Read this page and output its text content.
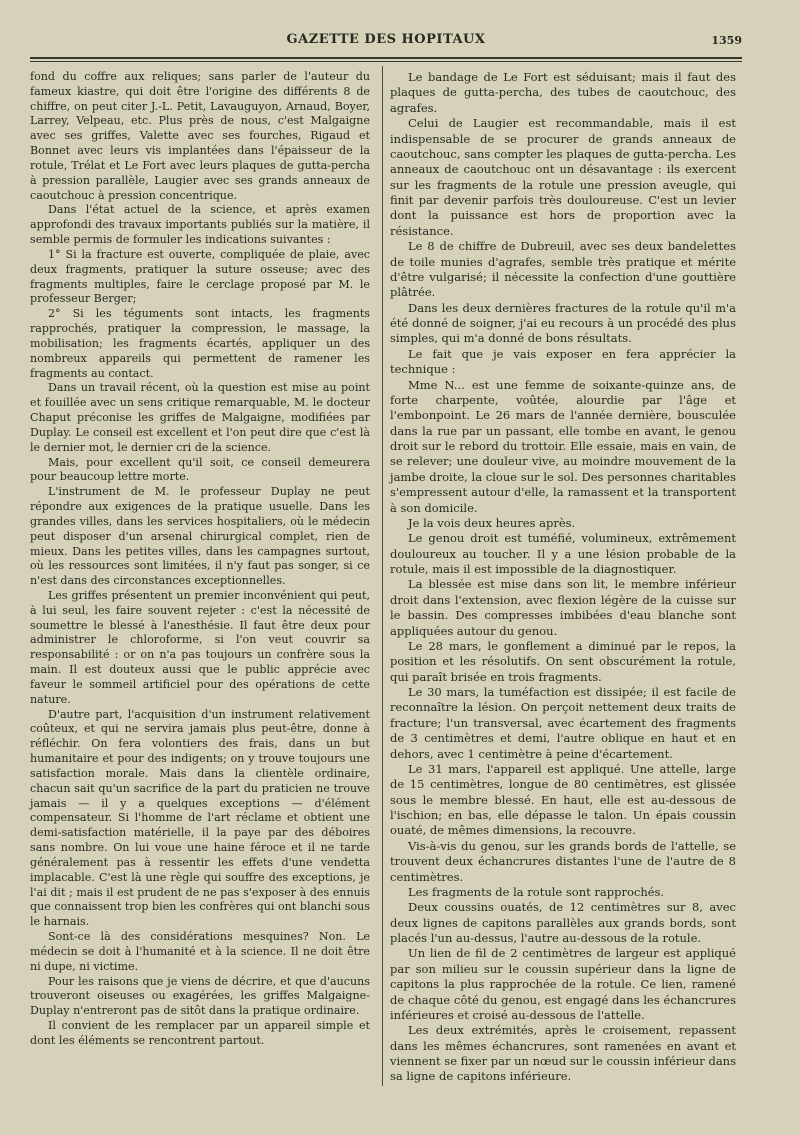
GAZETTE DES HOPITAUX	1359

fond du coffre aux reliques; sans parler de l'auteur du fameux kiastre, qui doit être l'origine des différents 8 de chiffre, on peut citer J.-L. Petit, Lavauguyon, Arnaud, Boyer, Larrey, Velpeau, etc. Plus près de nous, c'est Malgaigne avec ses griffes, Valette avec ses fourches, Rigaud et Bonnet avec leurs vis implantées dans l'épaisseur de la rotule, Trélat et Le Fort avec leurs plaques de gutta-percha à pression parallèle, Laugier avec ses grands anneaux de caoutchouc à pression concentrique.

Dans l'état actuel de la science, et après examen approfondi des travaux importants publiés sur la matière, il semble permis de formuler les indications suivantes :

1° Si la fracture est ouverte, compliquée de plaie, avec deux fragments, pratiquer la suture osseuse; avec des fragments multiples, faire le cerclage proposé par M. le professeur Berger;

2° Si les téguments sont intacts, les fragments rapprochés, pratiquer la compression, le massage, la mobilisation; les fragments écartés, appliquer un des nombreux appareils qui permettent de ramener les fragments au contact.

Dans un travail récent, où la question est mise au point et fouillée avec un sens critique remarquable, M. le docteur Chaput préconise les griffes de Malgaigne, modifiées par Duplay. Le conseil est excellent et l'on peut dire que c'est là le dernier mot, le dernier cri de la science.

Mais, pour excellent qu'il soit, ce conseil demeurera pour beaucoup lettre morte.

L'instrument de M. le professeur Duplay ne peut répondre aux exigences de la pratique usuelle. Dans les grandes villes, dans les services hospitaliers, où le médecin peut disposer d'un arsenal chirurgical complet, rien de mieux. Dans les petites villes, dans les campagnes surtout, où les ressources sont limitées, il n'y faut pas songer, si ce n'est dans des circonstances exceptionnelles.

Les griffes présentent un premier inconvénient qui peut, à lui seul, les faire souvent rejeter : c'est la nécessité de soumettre le blessé à l'anesthésie. Il faut être deux pour administrer le chloroforme, si l'on veut couvrir sa responsabilité : or on n'a pas toujours un confrère sous la main. Il est douteux aussi que le public apprécie avec faveur le sommeil artificiel pour des opérations de cette nature.

D'autre part, l'acquisition d'un instrument relativement coûteux, et qui ne servira jamais plus peut-être, donne à réfléchir. On fera volontiers des frais, dans un but humanitaire et pour des indigents; on y trouve toujours une satisfaction morale. Mais dans la clientèle ordinaire, chacun sait qu'un sacrifice de la part du praticien ne trouve jamais — il y a quelques exceptions — d'élément compensateur. Si l'homme de l'art réclame et obtient une demi-satisfaction matérielle, il la paye par des déboires sans nombre. On lui voue une haine féroce et il ne tarde généralement pas à ressentir les effets d'une vendetta implacable. C'est là une règle qui souffre des exceptions, je l'ai dit ; mais il est prudent de ne pas s'exposer à des ennuis que connaissent trop bien les confrères qui ont blanchi sous le harnais.

Sont-ce là des considérations mesquines? Non. Le médecin se doit à l'humanité et à la science. Il ne doit être ni dupe, ni victime.

Pour les raisons que je viens de décrire, et que d'aucuns trouveront oiseuses ou exagérées, les griffes Malgaigne-Duplay n'entreront pas de sitôt dans la pratique ordinaire.

Il convient de les remplacer par un appareil simple et dont les éléments se rencontrent partout.

Le bandage de Le Fort est séduisant; mais il faut des plaques de gutta-percha, des tubes de caoutchouc, des agrafes.

Celui de Laugier est recommandable, mais il est indispensable de se procurer de grands anneaux de caoutchouc, sans compter les plaques de gutta-percha. Les anneaux de caoutchouc ont un désavantage : ils exercent sur les fragments de la rotule une pression aveugle, qui finit par devenir parfois très douloureuse. C'est un levier dont la puissance est hors de proportion avec la résistance.

Le 8 de chiffre de Dubreuil, avec ses deux bandelettes de toile munies d'agrafes, semble très pratique et mérite d'être vulgarisé; il nécessite la confection d'une gouttière plâtrée.

Dans les deux dernières fractures de la rotule qu'il m'a été donné de soigner, j'ai eu recours à un procédé des plus simples, qui m'a donné de bons résultats.

Le fait que je vais exposer en fera apprécier la technique :

Mme N... est une femme de soixante-quinze ans, de forte charpente, voûtée, alourdie par l'âge et l'embonpoint. Le 26 mars de l'année dernière, bousculée dans la rue par un passant, elle tombe en avant, le genou droit sur le rebord du trottoir. Elle essaie, mais en vain, de se relever; une douleur vive, au moindre mouvement de la jambe droite, la cloue sur le sol. Des personnes charitables s'empressent autour d'elle, la ramassent et la transportent à son domicile.

Je la vois deux heures après.

Le genou droit est tuméfié, volumineux, extrêmement douloureux au toucher. Il y a une lésion probable de la rotule, mais il est impossible de la diagnostiquer.

La blessée est mise dans son lit, le membre inférieur droit dans l'extension, avec flexion légère de la cuisse sur le bassin. Des compresses imbibées d'eau blanche sont appliquées autour du genou.

Le 28 mars, le gonflement a diminué par le repos, la position et les résolutifs. On sent obscurément la rotule, qui paraît brisée en trois fragments.

Le 30 mars, la tuméfaction est dissipée; il est facile de reconnaître la lésion. On perçoit nettement deux traits de fracture; l'un transversal, avec écartement des fragments de 3 centimètres et demi, l'autre oblique en haut et en dehors, avec 1 centimètre à peine d'écartement.

Le 31 mars, l'appareil est appliqué. Une attelle, large de 15 centimètres, longue de 80 centimètres, est glissée sous le membre blessé. En haut, elle est au-dessous de l'ischion; en bas, elle dépasse le talon. Un épais coussin ouaté, de mêmes dimensions, la recouvre.

Vis-à-vis du genou, sur les grands bords de l'attelle, se trouvent deux échancrures distantes l'une de l'autre de 8 centimètres.

Les fragments de la rotule sont rapprochés.

Deux coussins ouatés, de 12 centimètres sur 8, avec deux lignes de capitons parallèles aux grands bords, sont placés l'un au-dessus, l'autre au-dessous de la rotule.

Un lien de fil de 2 centimètres de largeur est appliqué par son milieu sur le coussin supérieur dans la ligne de capitons la plus rapprochée de la rotule. Ce lien, ramené de chaque côté du genou, est engagé dans les échancrures inférieures et croisé au-dessous de l'attelle.

Les deux extrémités, après le croisement, repassent dans les mêmes échancrures, sont ramenées en avant et viennent se fixer par un nœud sur le coussin inférieur dans sa ligne de capitons inférieure.
